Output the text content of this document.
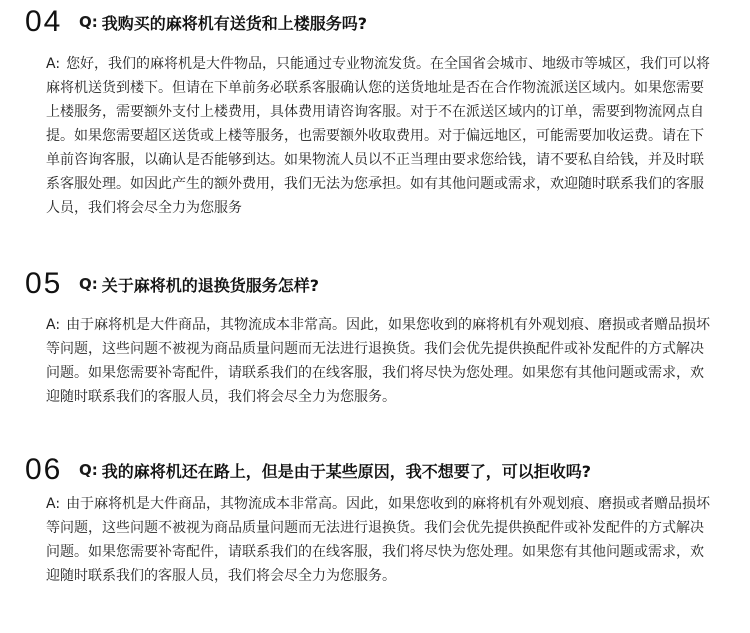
04	Q: 我购买的麻将机有送货和上楼服务吗?

A: 您好，我们的麻将机是大件物品，只能通过专业物流发货。在全国省会城市、地级市等城区，我们可以将麻将机送货到楼下。但请在下单前务必联系客服确认您的送货地址是否在合作物流派送区域内。如果您需要上楼服务，需要额外支付上楼费用，具体费用请咨询客服。对于不在派送区域内的订单，需要到物流网点自提。如果您需要超区送货或上楼等服务，也需要额外收取费用。对于偏远地区，可能需要加收运费。请在下单前咨询客服，以确认是否能够到达。如果物流人员以不正当理由要求您给钱，请不要私自给钱，并及时联系客服处理。如因此产生的额外费用，我们无法为您承担。如有其他问题或需求，欢迎随时联系我们的客服人员，我们将会尽全力为您服务

05	Q: 关于麻将机的退换货服务怎样?

A: 由于麻将机是大件商品，其物流成本非常高。因此，如果您收到的麻将机有外观划痕、磨损或者赠品损坏等问题，这些问题不被视为商品质量问题而无法进行退换货。我们会优先提供换配件或补发配件的方式解决问题。如果您需要补寄配件，请联系我们的在线客服，我们将尽快为您处理。如果您有其他问题或需求，欢迎随时联系我们的客服人员，我们将会尽全力为您服务。

06	Q: 我的麻将机还在路上，但是由于某些原因，我不想要了，可以拒收吗?

A: 由于麻将机是大件商品，其物流成本非常高。因此，如果您收到的麻将机有外观划痕、磨损或者赠品损坏等问题，这些问题不被视为商品质量问题而无法进行退换货。我们会优先提供换配件或补发配件的方式解决问题。如果您需要补寄配件，请联系我们的在线客服，我们将尽快为您处理。如果您有其他问题或需求，欢迎随时联系我们的客服人员，我们将会尽全力为您服务。
